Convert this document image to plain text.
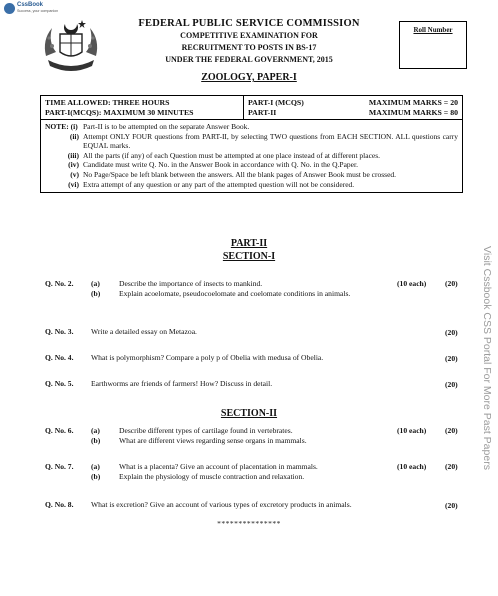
CssBook
Success, your companion
FEDERAL PUBLIC SERVICE COMMISSION
COMPETITIVE EXAMINATION FOR
RECRUITMENT TO POSTS IN BS-17
UNDER THE FEDERAL GOVERNMENT, 2015
ZOOLOGY, PAPER-I
Roll Number
TIME ALLOWED: THREE HOURS
PART-I(MCQS): MAXIMUM 30 MINUTES
PART-I (MCQS)	MAXIMUM MARKS = 20
PART-II	MAXIMUM MARKS = 80
NOTE: (i) Part-II is to be attempted on the separate Answer Book.
(ii) Attempt ONLY FOUR questions from PART-II, by selecting TWO questions from EACH SECTION. ALL questions carry EQUAL marks.
(iii) All the parts (if any) of each Question must be attempted at one place instead of at different places.
(iv) Candidate must write Q. No. in the Answer Book in accordance with Q. No. in the Q.Paper.
(v) No Page/Space be left blank between the answers. All the blank pages of Answer Book must be crossed.
(vi) Extra attempt of any question or any part of the attempted question will not be considered.
PART-II
SECTION-I
Q. No. 2. (a)	Describe the importance of insects to mankind.	(10 each) (20)
(b) Explain acoelomate, pseudocoelomate and coelomate conditions in animals.
Q. No. 3. Write a detailed essay on Metazoa.	(20)
Q. No. 4. What is polymorphism? Compare a poly p of Obelia with medusa of Obelia.	(20)
Q. No. 5. Earthworms are friends of farmers! How? Discuss in detail.	(20)
SECTION-II
Q. No. 6. (a)	Describe different types of cartilage found in vertebrates.	(10 each) (20)
(b) What are different views regarding sense organs in mammals.
Q. No. 7. (a)	What is a placenta? Give an account of placentation in mammals.	(10 each) (20)
(b) Explain the physiology of muscle contraction and relaxation.
Q. No. 8. What is excretion? Give an account of various types of excretory products in animals.	(20)
***************
Visit Cssbook CSS Portal For More Past Papers
